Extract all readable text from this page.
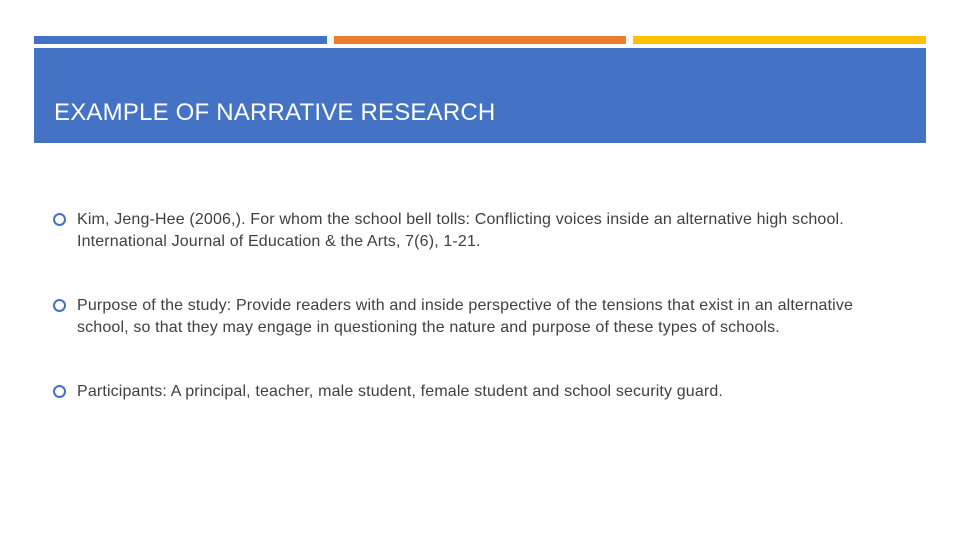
EXAMPLE OF NARRATIVE RESEARCH
Kim, Jeng-Hee (2006,). For whom the school bell tolls: Conflicting voices inside an alternative high school. International Journal of Education & the Arts, 7(6), 1-21.
Purpose of the study: Provide readers with and inside perspective of the tensions that exist in an alternative school, so that they may engage in questioning the nature and purpose of these types of schools.
Participants: A principal, teacher, male student, female student and school security guard.
